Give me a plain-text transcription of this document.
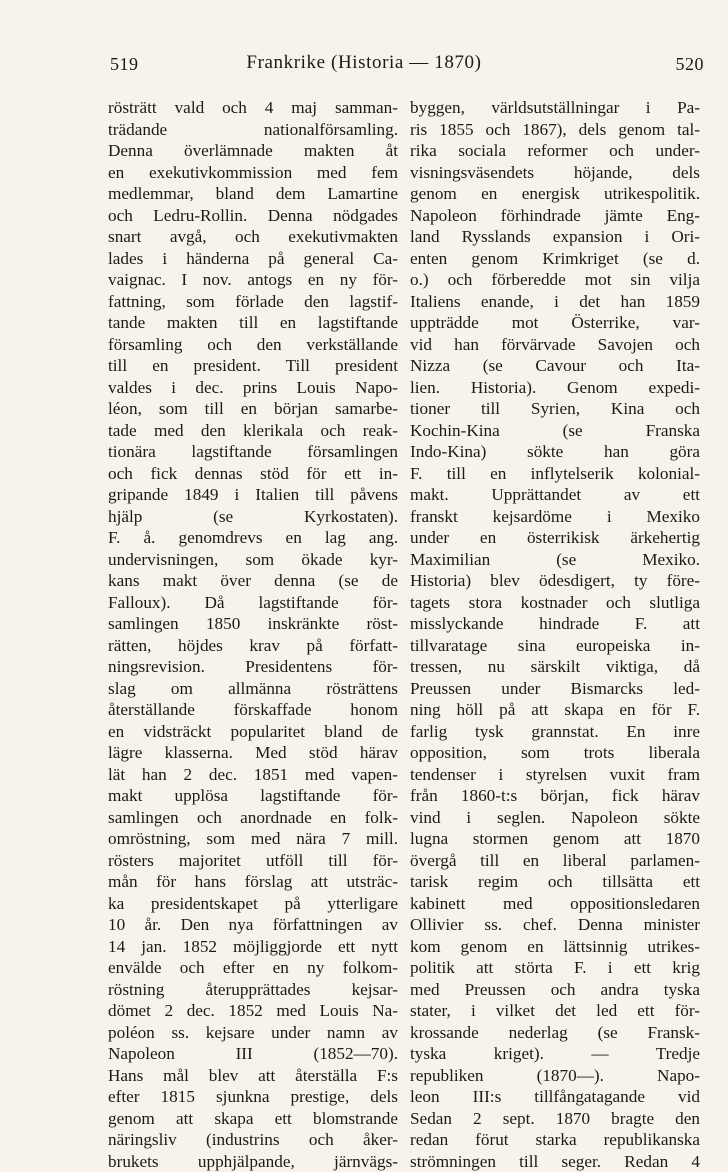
519	Frankrike (Historia — 1870)	520
rösträtt vald och 4 maj samman-
trädande nationalförsamling.
Denna överlämnade makten åt
en exekutivkommission med fem
medlemmar, bland dem Lamartine
och Ledru-Rollin. Denna nödgades
snart avgå, och exekutivmakten
lades i händerna på general Ca-
vaignac. I nov. antogs en ny för-
fattning, som förlade den lagstif-
tande makten till en lagstiftande
församling och den verkställande
till en president. Till president
valdes i dec. prins Louis Napo-
léon, som till en början samarbe-
tade med den klerikala och reak-
tionära lagstiftande församlingen
och fick dennas stöd för ett in-
gripande 1849 i Italien till påvens
hjälp (se Kyrkostaten).
F. å. genomdrevs en lag ang.
undervisningen, som ökade kyr-
kans makt över denna (se de
Falloux). Då lagstiftande för-
samlingen 1850 inskränkte röst-
rätten, höjdes krav på författ-
ningsrevision. Presidentens för-
slag om allmänna rösträttens
återställande förskaffade honom
en vidsträckt popularitet bland de
lägre klasserna. Med stöd härav
lät han 2 dec. 1851 med vapen-
makt upplösa lagstiftande för-
samlingen och anordnade en folk-
omröstning, som med nära 7 mill.
rösters majoritet utföll till för-
mån för hans förslag att utsträc-
ka presidentskapet på ytterligare
10 år. Den nya författningen av
14 jan. 1852 möjliggjorde ett nytt
envälde och efter en ny folkom-
röstning återupprättades kejsar-
dömet 2 dec. 1852 med Louis Na-
poléon ss. kejsare under namn av
Napoleon III (1852—70).
Hans mål blev att återställa F:s
efter 1815 sjunkna prestige, dels
genom att skapa ett blomstrande
näringsliv (industrins och åker-
brukets upphjälpande, järnvägs-
byggen, världsutställningar i Pa-
ris 1855 och 1867), dels genom tal-
rika sociala reformer och under-
visningsväsendets höjande, dels
genom en energisk utrikespolitik.
Napoleon förhindrade jämte Eng-
land Rysslands expansion i Ori-
enten genom Krimkriget (se d.
o.) och förberedde mot sin vilja
Italiens enande, i det han 1859
uppträdde mot Österrike, var-
vid han förvärvade Savojen och
Nizza (se Cavour och Ita-
lien. Historia). Genom expedi-
tioner till Syrien, Kina och
Kochin-Kina (se Franska
Indo-Kina) sökte han göra
F. till en inflytelserik kolonial-
makt. Upprättandet av ett
franskt kejsardöme i Mexiko
under en österrikisk ärkehertig
Maximilian (se Mexiko.
Historia) blev ödesdigert, ty före-
tagets stora kostnader och slutliga
misslyckande hindrade F. att
tillvaratage sina europeiska in-
tressen, nu särskilt viktiga, då
Preussen under Bismarcks led-
ning höll på att skapa en för F.
farlig tysk grannstat. En inre
opposition, som trots liberala
tendenser i styrelsen vuxit fram
från 1860-t:s början, fick härav
vind i seglen. Napoleon sökte
lugna stormen genom att 1870
övergå till en liberal parlamen-
tarisk regim och tillsätta ett
kabinett med oppositionsledaren
Ollivier ss. chef. Denna minister
kom genom en lättsinnig utrikes-
politik att störta F. i ett krig
med Preussen och andra tyska
stater, i vilket det led ett för-
krossande nederlag (se Fransk-
tyska kriget). — Tredje
republiken (1870—). Napo-
leon III:s tillfångatagande vid
Sedan 2 sept. 1870 bragte den
redan förut starka republikanska
strömningen till seger. Redan 4
